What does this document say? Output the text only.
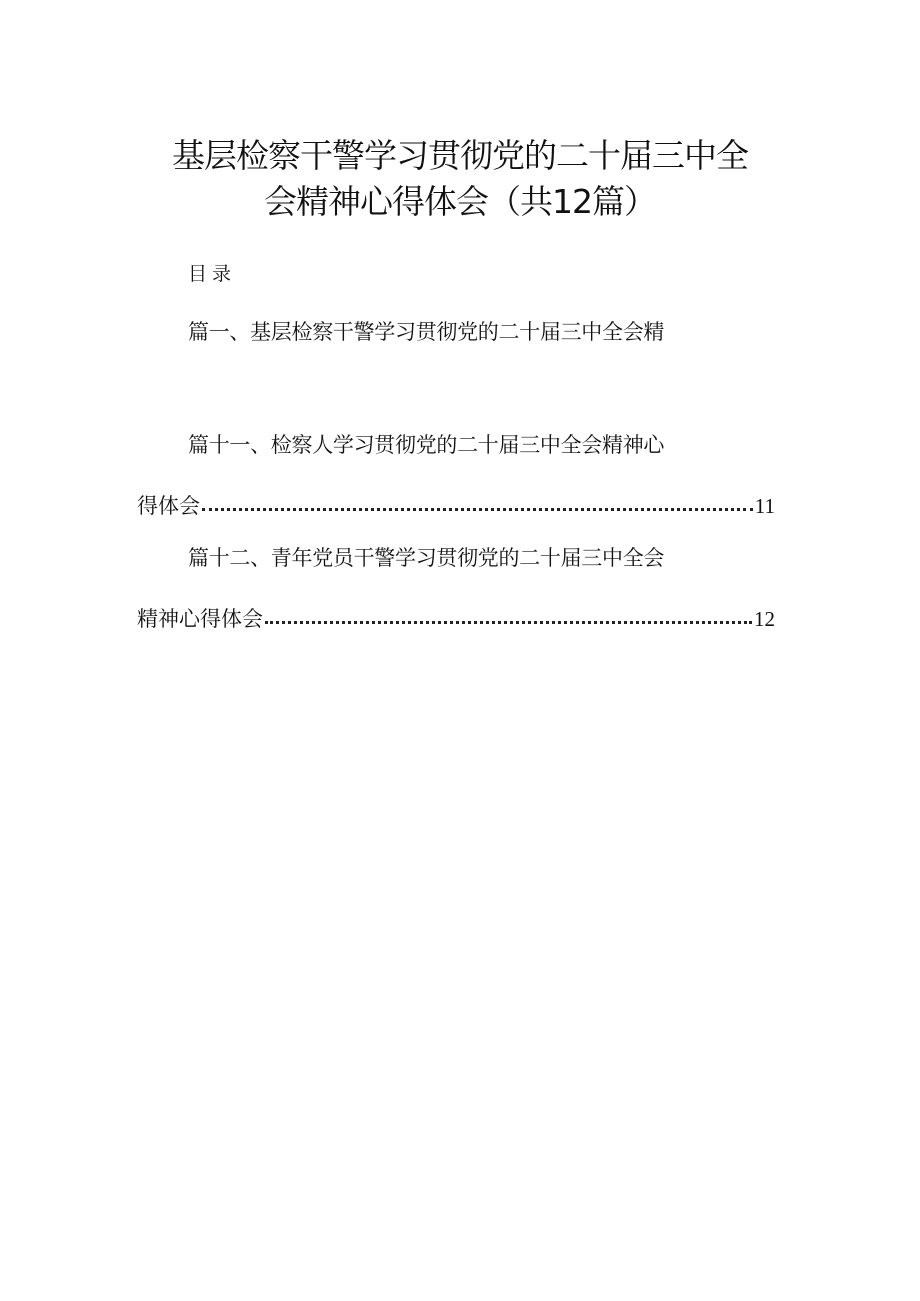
基层检察干警学习贯彻党的二十届三中全
会精神心得体会（共12篇）
目录
篇一、基层检察干警学习贯彻党的二十届三中全会精
篇十一、检察人学习贯彻党的二十届三中全会精神心
得体会	11
篇十二、青年党员干警学习贯彻党的二十届三中全会
精神心得体会	12
